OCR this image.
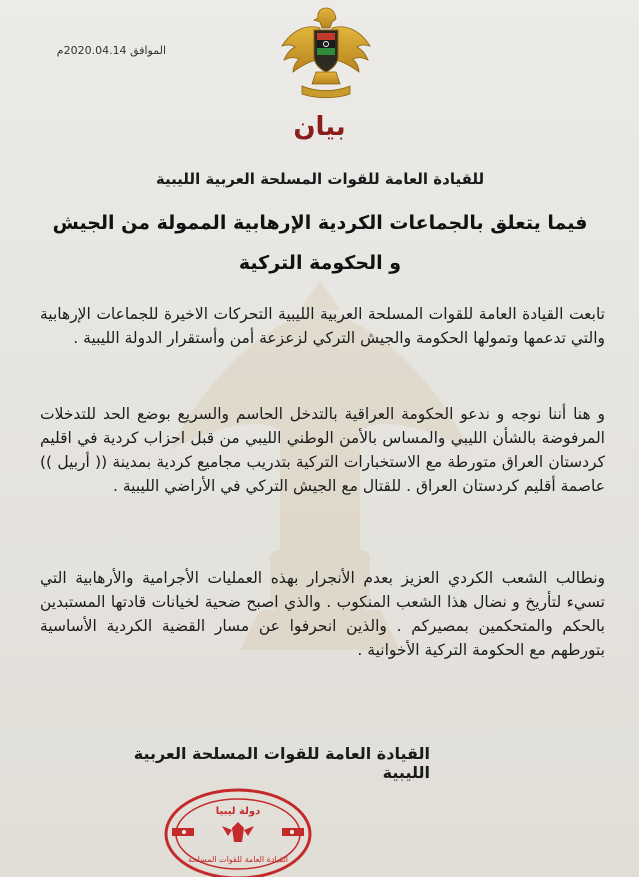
الموافق 2020.04.14م
بيان
للقيادة العامة للقوات المسلحة العربية الليبية
فيما يتعلق بالجماعات الكردية الإرهابية الممولة من الجيش
و الحكومة التركية
تابعت القيادة العامة للقوات المسلحة العربية الليبية التحركات الاخيرة للجماعات الإرهابية والتي تدعمها وتمولها الحكومة والجيش التركي لزعزعة أمن وأستقرار الدولة الليبية .
و هنا أننا نوجه و ندعو الحكومة العراقية بالتدخل الحاسم والسريع بوضع الحد للتدخلات المرفوضة بالشأن الليبي والمساس بالأمن الوطني الليبي من قبل احزاب كردية في اقليم كردستان العراق متورطة مع الاستخبارات التركية بتدريب مجاميع كردية بمدينة (( أربيل )) عاصمة أقليم كردستان العراق . للقتال مع الجيش التركي في الأراضي الليبية .
ونطالب الشعب الكردي العزيز بعدم الأنجرار بهذه العمليات الأجرامية والأرهابية التي تسيء لتأريخ و نضال هذا الشعب المنكوب . والذي اصبح ضحية لخيانات قادتها المستبدين بالحكم والمتحكمين بمصيركم . والذين انحرفوا عن مسار القضية الكردية الأساسية بتورطهم مع الحكومة التركية الأخوانية .
القيادة العامة للقوات المسلحة العربية الليبية
دولة ليبيا
القيادة العامة للقوات المسلحة
